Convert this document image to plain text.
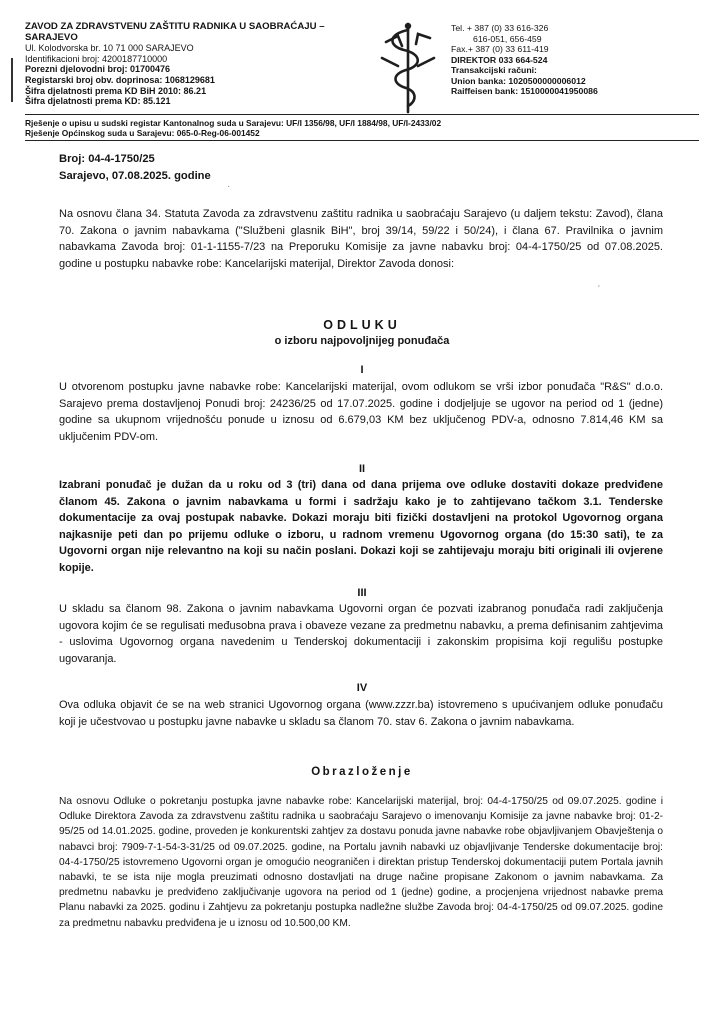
ZAVOD ZA ZDRAVSTVENU ZAŠTITU RADNIKA U SAOBRAĆAJU –
SARAJEVO
Ul. Kolodvorska br. 10 71 000 SARAJEVO
Identifikacioni broj: 4200187710000
Porezni djelovodni broj: 01700476
Registarski broj obv. doprinosa: 1068129681
Šifra djelatnosti prema KD BiH 2010: 86.21
Šifra djelatnosti prema KD: 85.121
Tel. + 387 (0) 33 616-326
616-051, 656-459
Fax.+ 387 (0) 33 611-419
DIREKTOR 033 664-524
Transakcijski računi:
Union banka: 1020500000006012
Raiffeisen bank: 1510000041950086
Rješenje o upisu u sudski registar Kantonalnog suda u Sarajevu: UF/I 1356/98, UF/I 1884/98, UF/I-2433/02
Rješenje Općinskog suda u Sarajevu: 065-0-Reg-06-001452
Broj: 04-4-1750/25
Sarajevo, 07.08.2025. godine
Na osnovu člana 34. Statuta Zavoda za zdravstvenu zaštitu radnika u saobraćaju Sarajevo (u daljem tekstu: Zavod), člana 70. Zakona o javnim nabavkama ("Službeni glasnik BiH", broj 39/14, 59/22 i 50/24), i člana 67. Pravilnika o javnim nabavkama Zavoda broj: 01-1-1155-7/23 na Preporuku Komisije za javne nabavku broj: 04-4-1750/25 od 07.08.2025. godine u postupku nabavke robe: Kancelarijski materijal, Direktor Zavoda donosi:
ODLUKU
o izboru najpovoljnijeg ponuđača
I
U otvorenom postupku javne nabavke robe: Kancelarijski materijal, ovom odlukom se vrši izbor ponuđača "R&S" d.o.o. Sarajevo prema dostavljenoj Ponudi broj: 24236/25 od 17.07.2025. godine i dodjeljuje se ugovor na period od 1 (jedne) godine sa ukupnom vrijednošću ponude u iznosu od 6.679,03 KM bez uključenog PDV-a, odnosno 7.814,46 KM sa uključenim PDV-om.
II
Izabrani ponuđač je dužan da u roku od 3 (tri) dana od dana prijema ove odluke dostaviti dokaze predviđene članom 45. Zakona o javnim nabavkama u formi i sadržaju kako je to zahtijevano tačkom 3.1. Tenderske dokumentacije za ovaj postupak nabavke. Dokazi moraju biti fizički dostavljeni na protokol Ugovornog organa najkasnije peti dan po prijemu odluke o izboru, u radnom vremenu Ugovornog organa (do 15:30 sati), te za Ugovorni organ nije relevantno na koji su način poslani. Dokazi koji se zahtijevaju moraju biti originali ili ovjerene kopije.
III
U skladu sa članom 98. Zakona o javnim nabavkama Ugovorni organ će pozvati izabranog ponuđača radi zaključenja ugovora kojim će se regulisati međusobna prava i obaveze vezane za predmetnu nabavku, a prema definisanim zahtjevima - uslovima Ugovornog organa navedenim u Tenderskoj dokumentaciji i zakonskim propisima koji regulišu postupke ugovaranja.
IV
Ova odluka objavit će se na web stranici Ugovornog organa (www.zzzr.ba) istovremeno s upućivanjem odluke ponuđaču koji je učestvovao u postupku javne nabavke u skladu sa članom 70. stav 6. Zakona o javnim nabavkama.
Obrazloženje
Na osnovu Odluke o pokretanju postupka javne nabavke robe: Kancelarijski materijal, broj: 04-4-1750/25 od 09.07.2025. godine i Odluke Direktora Zavoda za zdravstvenu zaštitu radnika u saobraćaju Sarajevo o imenovanju Komisije za javne nabavke broj: 01-2-95/25 od 14.01.2025. godine, proveden je konkurentski zahtjev za dostavu ponuda javne nabavke robe objavljivanjem Obavještenja o nabavci broj: 7909-7-1-54-3-31/25 od 09.07.2025. godine, na Portalu javnih nabavki uz objavljivanje Tenderske dokumentacije broj: 04-4-1750/25 istovremeno Ugovorni organ je omogućio neograničen i direktan pristup Tenderskoj dokumentaciji putem Portala javnih nabavki, te se ista nije mogla preuzimati odnosno dostavljati na druge načine propisane Zakonom o javnim nabavkama. Za predmetnu nabavku je predviđeno zaključivanje ugovora na period od 1 (jedne) godine, a procjenjena vrijednost nabavke prema Planu nabavki za 2025. godinu i Zahtjevu za pokretanju postupka nadležne službe Zavoda broj: 04-4-1750/25 od 09.07.2025. godine za predmetnu nabavku predviđena je u iznosu od 10.500,00 KM.
·
ˏ
